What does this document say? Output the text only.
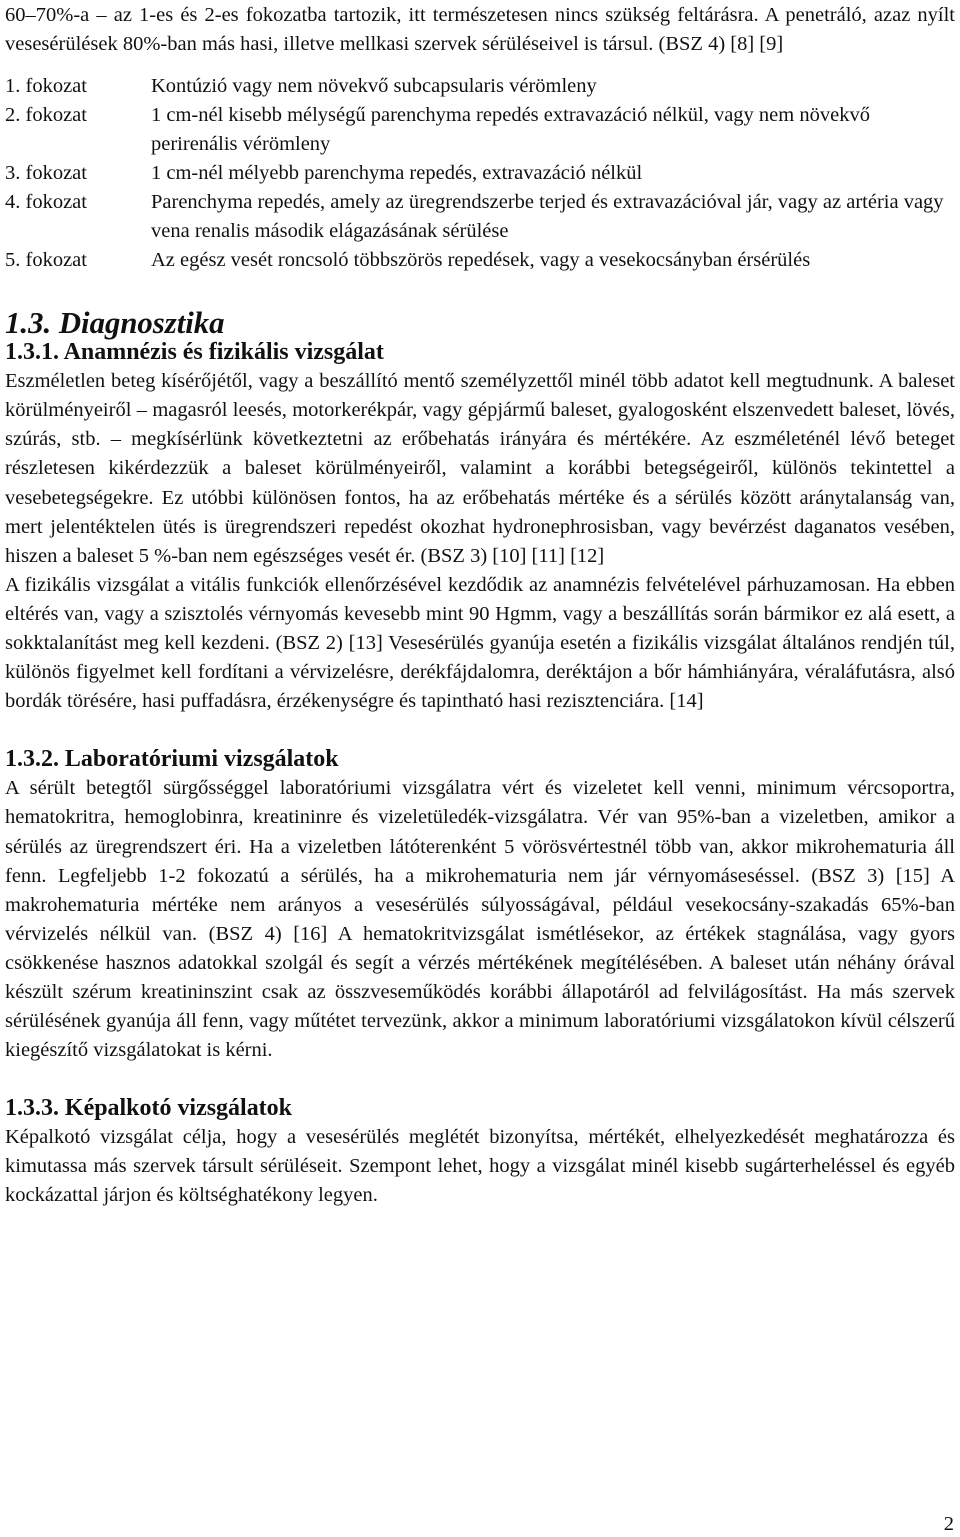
60–70%-a – az 1-es és 2-es fokozatba tartozik, itt természetesen nincs szükség feltárásra. A penetráló, azaz nyílt vesesérülések 80%-ban más hasi, illetve mellkasi szervek sérüléseivel is társul. (BSZ 4) [8] [9]

1. fokozat	Kontúzió vagy nem növekvő subcapsularis vérömleny
2. fokozat	1 cm-nél kisebb mélységű parenchyma repedés extravazáció nélkül, vagy nem növekvő perirenális vérömleny
3. fokozat	1 cm-nél mélyebb parenchyma repedés, extravazáció nélkül
4. fokozat	Parenchyma repedés, amely az üregrendszerbe terjed és extravazációval jár, vagy az artéria vagy vena renalis második elágazásának sérülése
5. fokozat	Az egész vesét roncsoló többszörös repedések, vagy a vesekocsányban érsérülés
1.3. Diagnosztika
1.3.1. Anamnézis és fizikális vizsgálat

Eszméletlen beteg kísérőjétől, vagy a beszállító mentő személyzettől minél több adatot kell megtudnunk. A baleset körülményeiről – magasról leesés, motorkerékpár, vagy gépjármű baleset, gyalogosként elszenvedett baleset, lövés, szúrás, stb. – megkísérlünk következtetni az erőbehatás irányára és mértékére. Az eszméleténél lévő beteget részletesen kikérdezzük a baleset körülményeiről, valamint a korábbi betegségeiről, különös tekintettel a vesebetegségekre. Ez utóbbi különösen fontos, ha az erőbehatás mértéke és a sérülés között aránytalanság van, mert jelentéktelen ütés is üregrendszeri repedést okozhat hydronephrosisban, vagy bevérzést daganatos vesében, hiszen a baleset 5 %-ban nem egészséges vesét ér. (BSZ 3) [10] [11] [12]

A fizikális vizsgálat a vitális funkciók ellenőrzésével kezdődik az anamnézis felvételével párhuzamosan. Ha ebben eltérés van, vagy a szisztolés vérnyomás kevesebb mint 90 Hgmm, vagy a beszállítás során bármikor ez alá esett, a sokktalanítást meg kell kezdeni. (BSZ 2) [13] Vesesérülés gyanúja esetén a fizikális vizsgálat általános rendjén túl, különös figyelmet kell fordítani a vérvizelésre, derékfájdalomra, deréktájon a bőr hámhiányára, véraláfutásra, alsó bordák törésére, hasi puffadásra, érzékenységre és tapintható hasi rezisztenciára. [14]

1.3.2. Laboratóriumi vizsgálatok

A sérült betegtől sürgősséggel laboratóriumi vizsgálatra vért és vizeletet kell venni, minimum vércsoportra, hematokritra, hemoglobinra, kreatininre és vizeletüledék-vizsgálatra. Vér van 95%-ban a vizeletben, amikor a sérülés az üregrendszert éri. Ha a vizeletben látóterenként 5 vörösvértestnél több van, akkor mikrohematuria áll fenn. Legfeljebb 1-2 fokozatú a sérülés, ha a mikrohematuria nem jár vérnyomáseséssel. (BSZ 3) [15] A makrohematuria mértéke nem arányos a vesesérülés súlyosságával, például vesekocsány-szakadás 65%-ban vérvizelés nélkül van. (BSZ 4) [16] A hematokritvizsgálat ismétlésekor, az értékek stagnálása, vagy gyors csökkenése hasznos adatokkal szolgál és segít a vérzés mértékének megítélésében. A baleset után néhány órával készült szérum kreatininszint csak az összveseműködés korábbi állapotáról ad felvilágosítást. Ha más szervek sérülésének gyanúja áll fenn, vagy műtétet tervezünk, akkor a minimum laboratóriumi vizsgálatokon kívül célszerű kiegészítő vizsgálatokat is kérni.

1.3.3. Képalkotó vizsgálatok

Képalkotó vizsgálat célja, hogy a vesesérülés meglétét bizonyítsa, mértékét, elhelyezkedését meghatározza és kimutassa más szervek társult sérüléseit. Szempont lehet, hogy a vizsgálat minél kisebb sugárterheléssel és egyéb kockázattal járjon és költséghatékony legyen.

2
